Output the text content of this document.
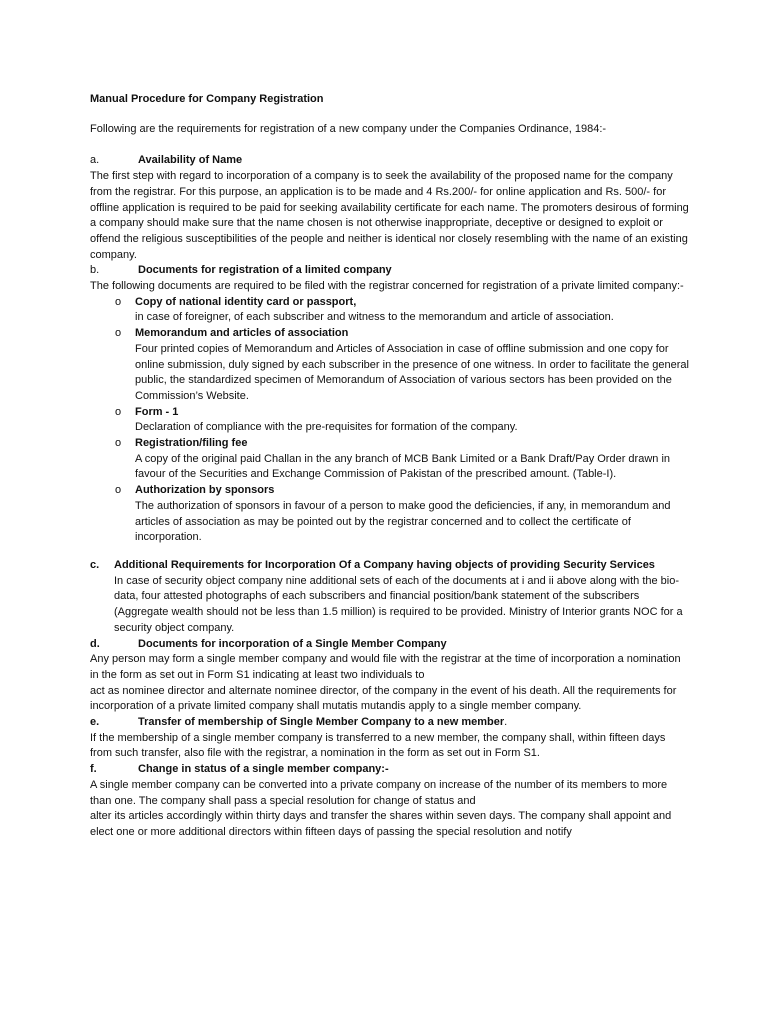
Manual Procedure for Company Registration

Following are the requirements for registration of a new company under the Companies Ordinance, 1984:-

a.	Availability of Name

The first step with regard to incorporation of a company is to seek the availability of the proposed name for the company from the registrar. For this purpose, an application is to be made and 4 Rs.200/- for online application and Rs. 500/- for offline application is required to be paid for seeking availability certificate for each name. The promoters desirous of forming a company should make sure that the name chosen is not otherwise inappropriate, deceptive or designed to exploit or offend the religious susceptibilities of the people and neither is identical nor closely resembling with the name of an existing

company.

b.	Documents for registration of a limited company

The following documents are required to be filed with the registrar concerned for registration of a private limited company:-

o Copy of national identity card or passport,
in case of foreigner, of each subscriber and witness to the memorandum and article of association.
o Memorandum and articles of association
Four printed copies of Memorandum and Articles of Association in case of offline submission and one copy for online submission, duly signed by each subscriber in the presence of one witness. In order to facilitate the general public, the standardized specimen of Memorandum of Association of various sectors has been provided on the Commission’s Website.
o Form - 1
Declaration of compliance with the pre-requisites for formation of the company.
o Registration/filing fee
A copy of the original paid Challan in the any branch of MCB Bank Limited or a Bank Draft/Pay Order drawn in favour of the Securities and Exchange Commission of Pakistan of the prescribed amount. (Table-I).
o Authorization by sponsors
The authorization of sponsors in favour of a person to make good the deficiencies, if any, in memorandum and articles of association as may be pointed out by the registrar concerned and to collect the certificate of incorporation.
c.	Additional Requirements for Incorporation Of a Company having objects of providing Security Services

In case of security object company nine additional sets of each of the documents at i and ii above along with the bio-data, four attested photographs of each subscribers and financial position/bank statement of the subscribers (Aggregate wealth should not be less than 1.5 million) is required to be provided. Ministry of Interior grants NOC for a security object company.

d.	Documents for incorporation of a Single Member Company

Any person may form a single member company and would file with the registrar at the time of incorporation a nomination in the form as set out in Form S1 indicating at least two individuals to

act as nominee director and alternate nominee director, of the company in the event of his death. All the requirements for incorporation of a private limited company shall mutatis mutandis apply to a single member company.

e.	Transfer of membership of Single Member Company to a new member.

If the membership of a single member company is transferred to a new member, the company shall, within fifteen days from such transfer, also file with the registrar, a nomination in the form as set out in Form S1.

f.	Change in status of a single member company:-

A single member company can be converted into a private company on increase of the number of its members to more than one. The company shall pass a special resolution for change of status and

alter its articles accordingly within thirty days and transfer the shares within seven days. The company shall appoint and elect one or more additional directors within fifteen days of passing the special resolution and notify
